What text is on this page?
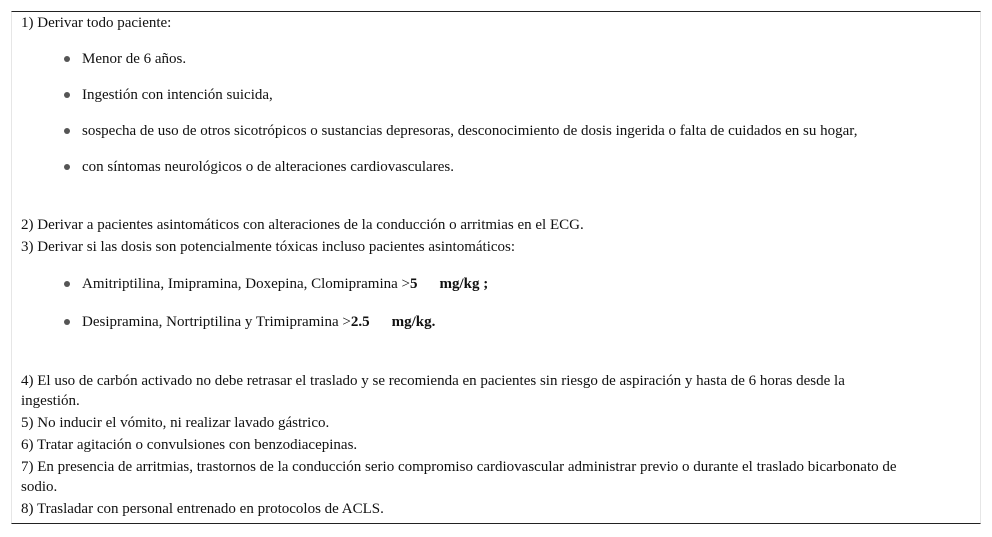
1) Derivar todo paciente:
Menor de 6 años.
Ingestión con intención suicida,
sospecha de uso de otros sicotrópicos o sustancias depresoras, desconocimiento de dosis ingerida o falta de cuidados en su hogar,
con síntomas neurológicos o de alteraciones cardiovasculares.
2) Derivar a pacientes asintomáticos con alteraciones de la conducción o arritmias en el ECG.
3) Derivar si las dosis son potencialmente tóxicas incluso pacientes asintomáticos:
Amitriptilina, Imipramina, Doxepina, Clomipramina >5 mg/kg ;
Desipramina, Nortriptilina y Trimipramina >2.5 mg/kg.
4) El uso de carbón activado no debe retrasar el traslado y se recomienda en pacientes sin riesgo de aspiración y hasta de 6 horas desde la
ingestión.
5) No inducir el vómito, ni realizar lavado gástrico.
6) Tratar agitación o convulsiones con benzodiacepinas.
7) En presencia de arritmias, trastornos de la conducción serio compromiso cardiovascular administrar previo o durante el traslado bicarbonato de
sodio.
8) Trasladar con personal entrenado en protocolos de ACLS.
